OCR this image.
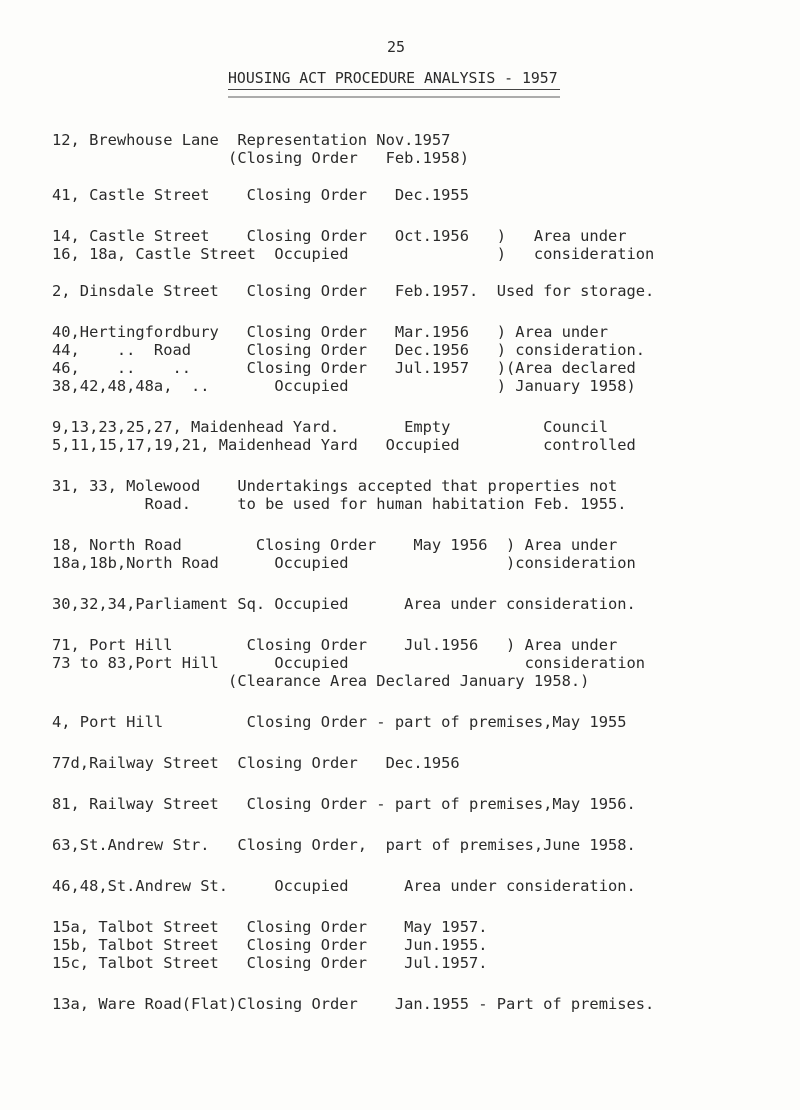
25
HOUSING ACT PROCEDURE ANALYSIS - 1957
12, Brewhouse Lane  Representation Nov.1957
(Closing Order   Feb.1958)
41, Castle Street    Closing Order   Dec.1955
14, Castle Street    Closing Order   Oct.1956   )   Area under
16, 18a, Castle Street  Occupied                )   consideration
2, Dinsdale Street   Closing Order   Feb.1957.  Used for storage.
40,Hertingfordbury   Closing Order   Mar.1956   ) Area under
44,    ..  Road      Closing Order   Dec.1956   ) consideration.
46,    ..    ..      Closing Order   Jul.1957   )(Area declared
38,42,48,48a,  ..       Occupied                ) January 1958)
9,13,23,25,27, Maidenhead Yard.       Empty          Council
5,11,15,17,19,21, Maidenhead Yard   Occupied         controlled
31, 33, Molewood    Undertakings accepted that properties not
Road.     to be used for human habitation Feb. 1955.
18, North Road        Closing Order    May 1956  ) Area under
18a,18b,North Road      Occupied                 )consideration
30,32,34,Parliament Sq. Occupied      Area under consideration.
71, Port Hill        Closing Order    Jul.1956   ) Area under
73 to 83,Port Hill      Occupied                   consideration
(Clearance Area Declared January 1958.)
4, Port Hill         Closing Order - part of premises,May 1955
77d,Railway Street  Closing Order   Dec.1956
81, Railway Street   Closing Order - part of premises,May 1956.
63,St.Andrew Str.   Closing Order,  part of premises,June 1958.
46,48,St.Andrew St.     Occupied      Area under consideration.
15a, Talbot Street   Closing Order    May 1957.
15b, Talbot Street   Closing Order    Jun.1955.
15c, Talbot Street   Closing Order    Jul.1957.
13a, Ware Road(Flat)Closing Order    Jan.1955 - Part of premises.
